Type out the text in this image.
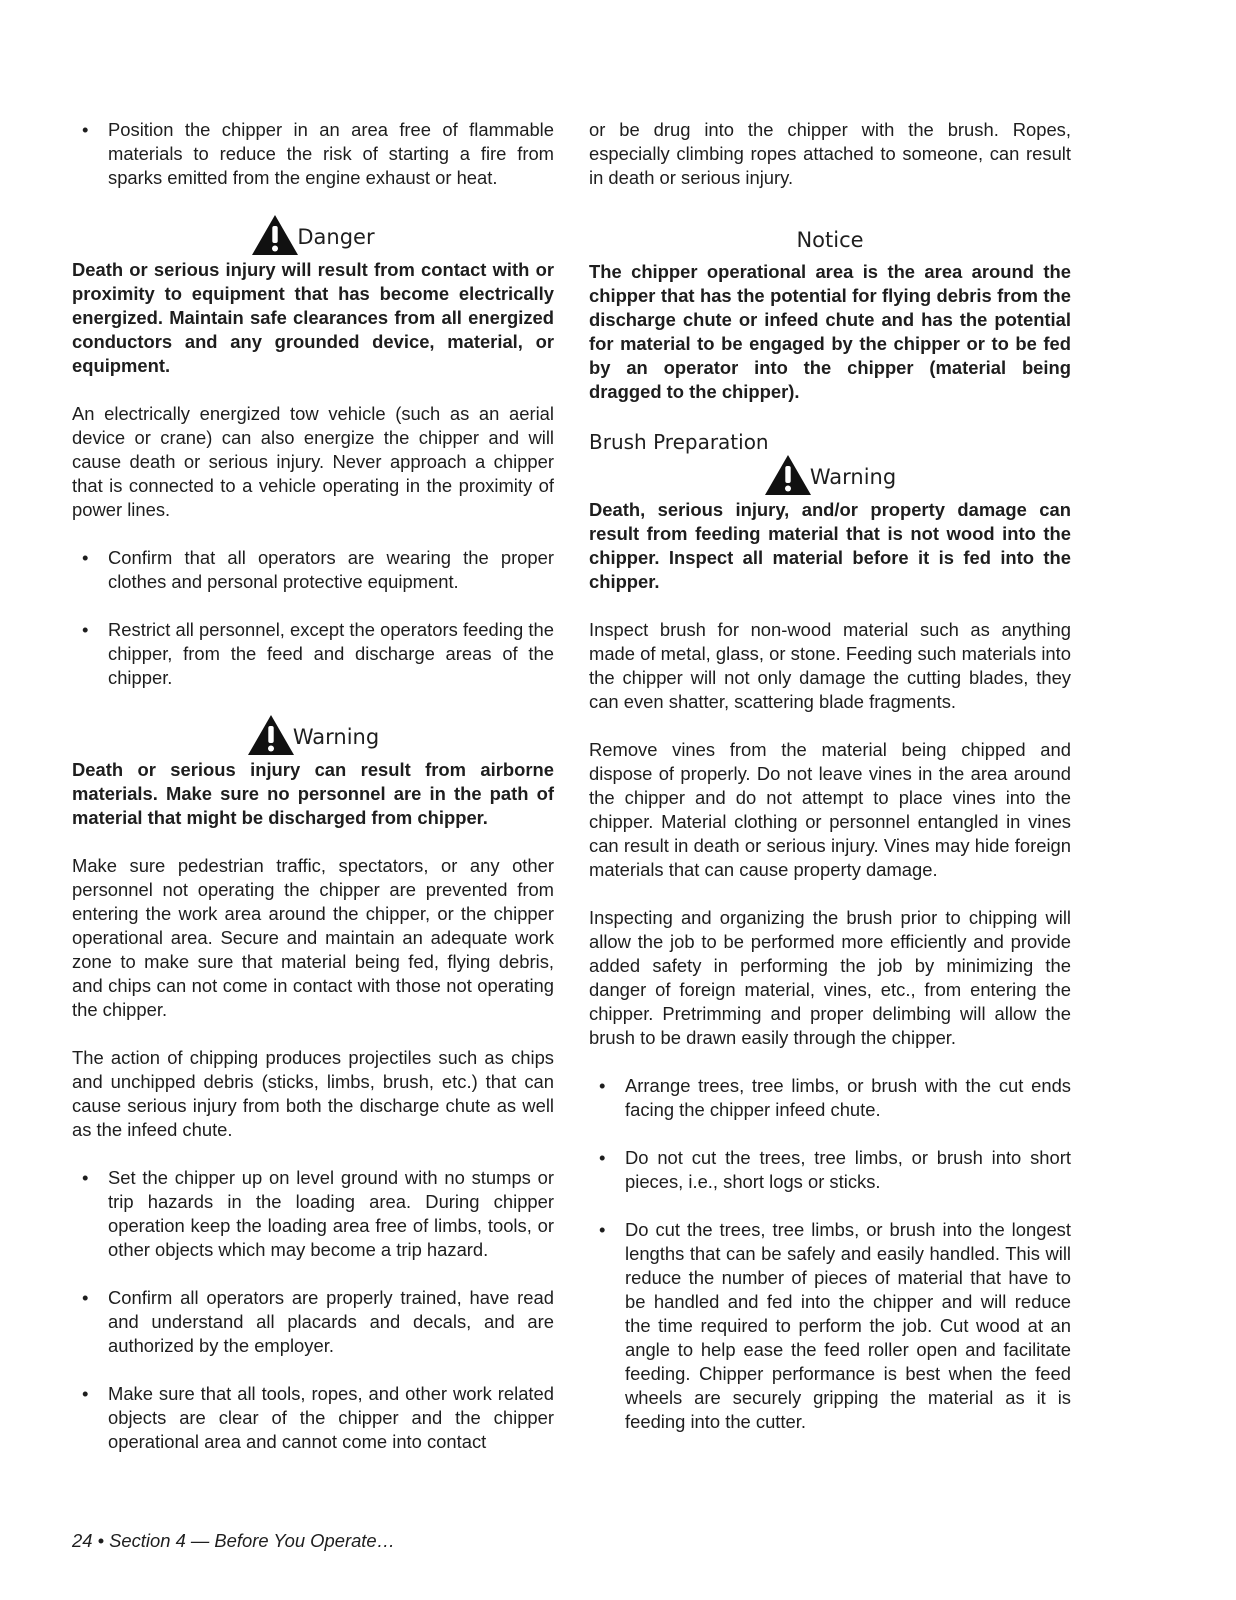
• Position the chipper in an area free of flammable materials to reduce the risk of starting a fire from sparks emitted from the engine exhaust or heat.
Danger

Death or serious injury will result from contact with or proximity to equipment that has become electrically energized. Maintain safe clearances from all energized conductors and any grounded device, material, or equipment.

An electrically energized tow vehicle (such as an aerial device or crane) can also energize the chipper and will cause death or serious injury. Never approach a chipper that is connected to a vehicle operating in the proximity of power lines.

• Confirm that all operators are wearing the proper clothes and personal protective equipment.
• Restrict all personnel, except the operators feeding the chipper, from the feed and discharge areas of the chipper.
Warning

Death or serious injury can result from airborne materials. Make sure no personnel are in the path of material that might be discharged from chipper.

Make sure pedestrian traffic, spectators, or any other personnel not operating the chipper are prevented from entering the work area around the chipper, or the chipper operational area. Secure and maintain an adequate work zone to make sure that material being fed, flying debris, and chips can not come in contact with those not operating the chipper.

The action of chipping produces projectiles such as chips and unchipped debris (sticks, limbs, brush, etc.) that can cause serious injury from both the discharge chute as well as the infeed chute.

• Set the chipper up on level ground with no stumps or trip hazards in the loading area. During chipper operation keep the loading area free of limbs, tools, or other objects which may become a trip hazard.
• Confirm all operators are properly trained, have read and understand all placards and decals, and are authorized by the employer.
• Make sure that all tools, ropes, and other work related objects are clear of the chipper and the chipper operational area and cannot come into contact

or be drug into the chipper with the brush. Ropes, especially climbing ropes attached to someone, can result in death or serious injury.

Notice

The chipper operational area is the area around the chipper that has the potential for flying debris from the discharge chute or infeed chute and has the potential for material to be engaged by the chipper or to be fed by an operator into the chipper (material being dragged to the chipper).

Brush Preparation
Warning

Death, serious injury, and/or property damage can result from feeding material that is not wood into the chipper. Inspect all material before it is fed into the chipper.

Inspect brush for non-wood material such as anything made of metal, glass, or stone. Feeding such materials into the chipper will not only damage the cutting blades, they can even shatter, scattering blade fragments.

Remove vines from the material being chipped and dispose of properly. Do not leave vines in the area around the chipper and do not attempt to place vines into the chipper. Material clothing or personnel entangled in vines can result in death or serious injury. Vines may hide foreign materials that can cause property damage.

Inspecting and organizing the brush prior to chipping will allow the job to be performed more efficiently and provide added safety in performing the job by minimizing the danger of foreign material, vines, etc., from entering the chipper. Pretrimming and proper delimbing will allow the brush to be drawn easily through the chipper.

• Arrange trees, tree limbs, or brush with the cut ends facing the chipper infeed chute.
• Do not cut the trees, tree limbs, or brush into short pieces, i.e., short logs or sticks.
• Do cut the trees, tree limbs, or brush into the longest lengths that can be safely and easily handled. This will reduce the number of pieces of material that have to be handled and fed into the chipper and will reduce the time required to perform the job. Cut wood at an angle to help ease the feed roller open and facilitate feeding. Chipper performance is best when the feed wheels are securely gripping the material as it is feeding into the cutter.
24 • Section 4 — Before You Operate…
